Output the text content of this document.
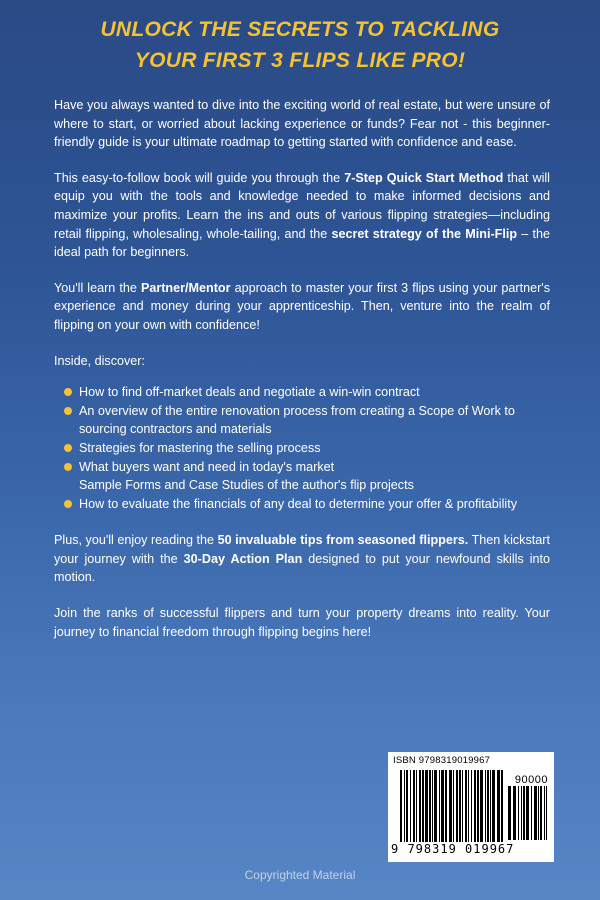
UNLOCK THE SECRETS TO TACKLING
YOUR FIRST 3 FLIPS LIKE PRO!

Have you always wanted to dive into the exciting world of real estate, but were unsure of where to start, or worried about lacking experience or funds? Fear not - this beginner-friendly guide is your ultimate roadmap to getting started with confidence and ease.

This easy-to-follow book will guide you through the 7-Step Quick Start Method that will equip you with the tools and knowledge needed to make informed decisions and maximize your profits. Learn the ins and outs of various flipping strategies—including retail flipping, wholesaling, whole-tailing, and the secret strategy of the Mini-Flip – the ideal path for beginners.

You'll learn the Partner/Mentor approach to master your first 3 flips using your partner's experience and money during your apprenticeship. Then, venture into the realm of flipping on your own with confidence!

Inside, discover:

How to find off-market deals and negotiate a win-win contract
An overview of the entire renovation process from creating a Scope of Work to sourcing contractors and materials
Strategies for mastering the selling process
What buyers want and need in today's market
Sample Forms and Case Studies of the author's flip projects
How to evaluate the financials of any deal to determine your offer & profitability

Plus, you'll enjoy reading the 50 invaluable tips from seasoned flippers. Then kickstart your journey with the 30-Day Action Plan designed to put your newfound skills into motion.

Join the ranks of successful flippers and turn your property dreams into reality. Your journey to financial freedom through flipping begins here!

ISBN 9798319019967
90000
9 798319 019967
Copyrighted Material
